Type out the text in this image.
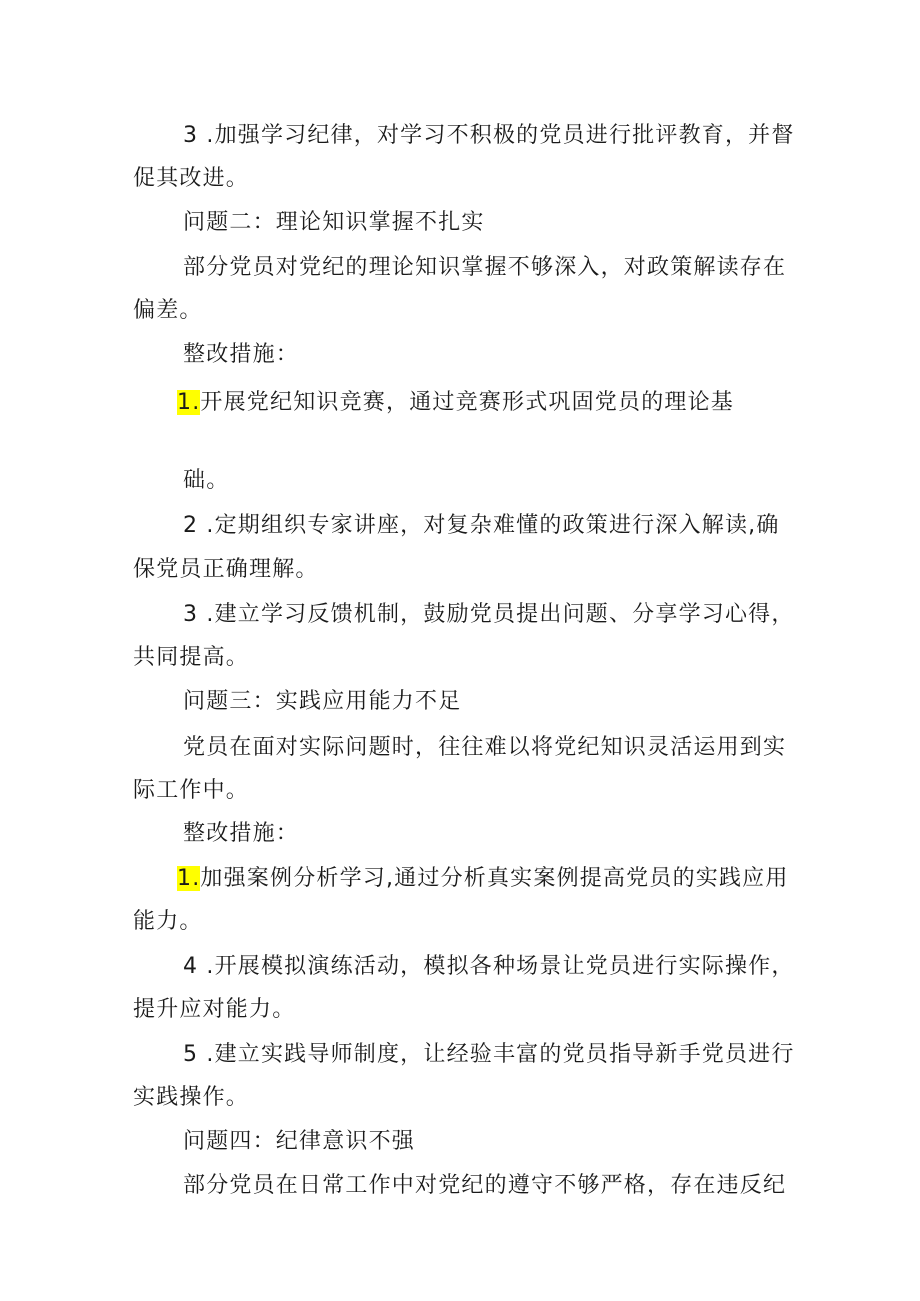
3 .加强学习纪律，对学习不积极的党员进行批评教育，并督
促其改进。
问题二：理论知识掌握不扎实
部分党员对党纪的理论知识掌握不够深入，对政策解读存在
偏差。
整改措施：
1.开展党纪知识竞赛，通过竞赛形式巩固党员的理论基
础。
2 .定期组织专家讲座，对复杂难懂的政策进行深入解读,确
保党员正确理解。
3 .建立学习反馈机制，鼓励党员提出问题、分享学习心得，
共同提高。
问题三：实践应用能力不足
党员在面对实际问题时，往往难以将党纪知识灵活运用到实
际工作中。
整改措施：
1.加强案例分析学习,通过分析真实案例提高党员的实践应用
能力。
4 .开展模拟演练活动，模拟各种场景让党员进行实际操作，
提升应对能力。
5 .建立实践导师制度，让经验丰富的党员指导新手党员进行
实践操作。
问题四：纪律意识不强
部分党员在日常工作中对党纪的遵守不够严格，存在违反纪
